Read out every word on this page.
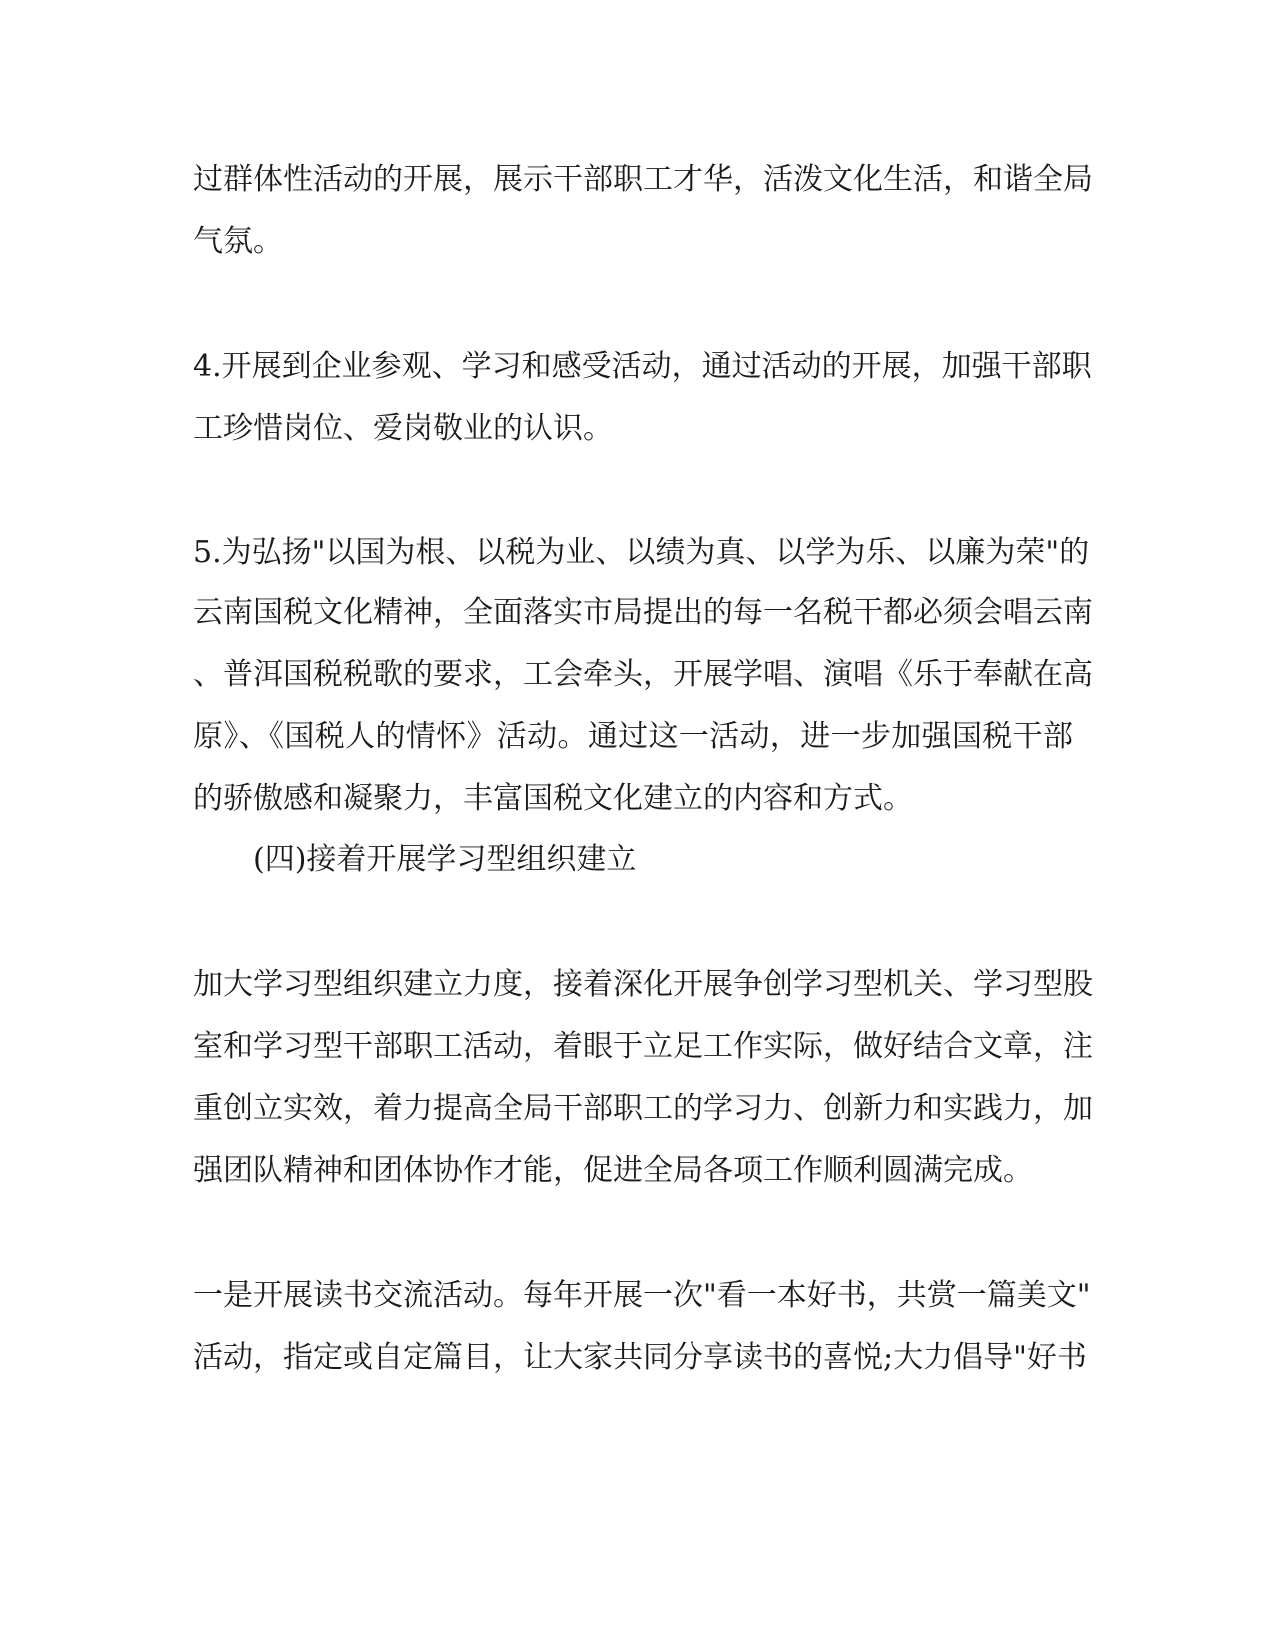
过群体性活动的开展，展示干部职工才华，活泼文化生活，和谐全局
气氛。
4.开展到企业参观、学习和感受活动，通过活动的开展，加强干部职
工珍惜岗位、爱岗敬业的认识。
5.为弘扬"以国为根、以税为业、以绩为真、以学为乐、以廉为荣"的
云南国税文化精神，全面落实市局提出的每一名税干都必须会唱云南
、普洱国税税歌的要求，工会牵头，开展学唱、演唱《乐于奉献在高
原》、《国税人的情怀》活动。通过这一活动，进一步加强国税干部
的骄傲感和凝聚力，丰富国税文化建立的内容和方式。
(四)接着开展学习型组织建立
加大学习型组织建立力度，接着深化开展争创学习型机关、学习型股
室和学习型干部职工活动，着眼于立足工作实际，做好结合文章，注
重创立实效，着力提高全局干部职工的学习力、创新力和实践力，加
强团队精神和团体协作才能，促进全局各项工作顺利圆满完成。
一是开展读书交流活动。每年开展一次"看一本好书，共赏一篇美文"
活动，指定或自定篇目，让大家共同分享读书的喜悦;大力倡导"好书
